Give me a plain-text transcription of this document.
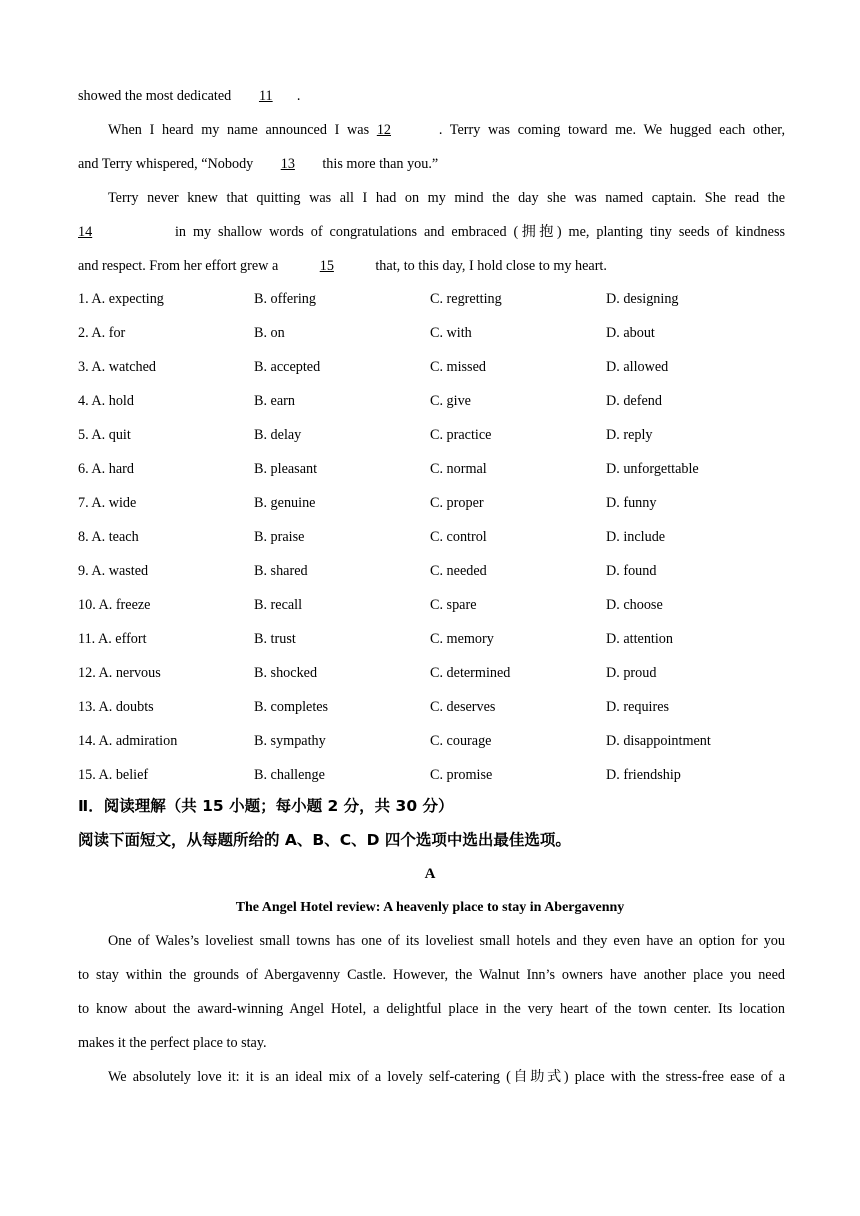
showed the most dedicated 11 .
When I heard my name announced I was 12	. Terry was coming toward me. We hugged each other,
and Terry whispered, “Nobody 13 this more than you.”
Terry never knew that quitting was all I had on my mind the day she was named captain. She read the
14	in my shallow words of congratulations and embraced (拥抱) me, planting tiny seeds of kindness
and respect. From her effort grew a	15	that, to this day, I hold close to my heart.
1. A. expecting	B. offering	C. regretting	D. designing
2. A. for	B. on	C. with	D. about
3. A. watched	B. accepted	C. missed	D. allowed
4. A. hold	B. earn	C. give	D. defend
5. A. quit	B. delay	C. practice	D. reply
6. A. hard	B. pleasant	C. normal	D. unforgettable
7. A. wide	B. genuine	C. proper	D. funny
8. A. teach	B. praise	C. control	D. include
9. A. wasted	B. shared	C. needed	D. found
10. A. freeze	B. recall	C. spare	D. choose
11. A. effort	B. trust	C. memory	D. attention
12. A. nervous	B. shocked	C. determined	D. proud
13. A. doubts	B. completes	C. deserves	D. requires
14. A. admiration	B. sympathy	C. courage	D. disappointment
15. A. belief	B. challenge	C. promise	D. friendship
Ⅱ．阅读理解（共 15 小题；每小题 2 分，共 30 分）
阅读下面短文，从每题所给的 A、B、C、D 四个选项中选出最佳选项。
A
The Angel Hotel review: A heavenly place to stay in Abergavenny
One of Wales’s loveliest small towns has one of its loveliest small hotels and they even have an option for you
to stay within the grounds of Abergavenny Castle. However, the Walnut Inn’s owners have another place you need
to know about the award-winning Angel Hotel, a delightful place in the very heart of the town center. Its location
makes it the perfect place to stay.
We absolutely love it: it is an ideal mix of a lovely self-catering (自助式) place with the stress-free ease of a
